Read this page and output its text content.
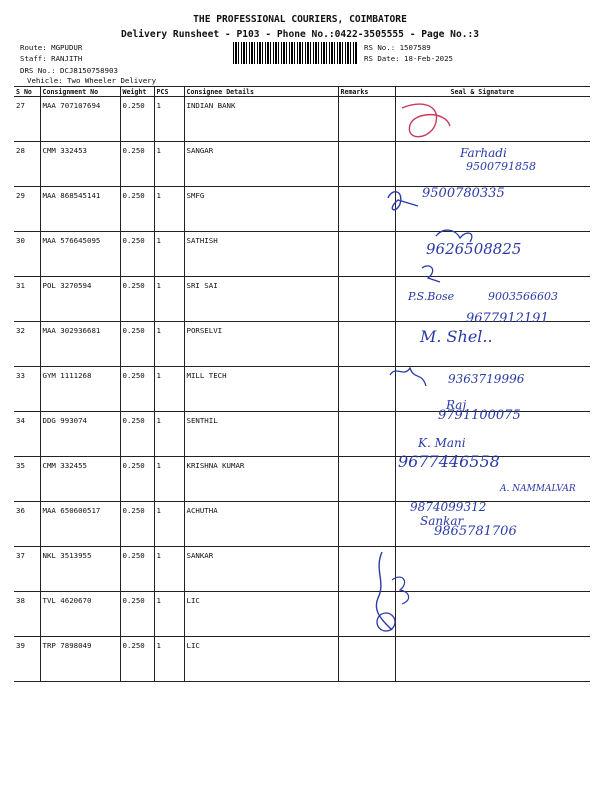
THE PROFESSIONAL COURIERS, COIMBATORE
Delivery Runsheet - P103 - Phone No.:0422-3505555 - Page No.:3
Route: MGPUDUR
Staff: RANJITH
DRS No.: DCJ8150758903
Vehicle: Two Wheeler Delivery
RS No.: 1507589
RS Date: 18-Feb-2025
S No	Consignment No	Weight	PCS	Consignee Details	Remarks	Seal & Signature
27	MAA 707107694	0.250	1	INDIAN BANK		
28	CMM 332453	0.250	1	SANGAR		
29	MAA 868545141	0.250	1	SMFG		
30	MAA 576645095	0.250	1	SATHISH		
31	POL 3270594	0.250	1	SRI SAI		
32	MAA 302936681	0.250	1	PORSELVI		
33	GYM 1111268	0.250	1	MILL TECH		
34	DDG 993074	0.250	1	SENTHIL		
35	CMM 332455	0.250	1	KRISHNA KUMAR		
36	MAA 650600517	0.250	1	ACHUTHA		
37	NKL 3513955	0.250	1	SANKAR		
38	TVL 4620670	0.250	1	LIC		
39	TRP 7898049	0.250	1	LIC		
Farhadi
9500791858
9500780335
9626508825
P.S.Bose	9003566603
9677912191
M. Shel..
9363719996
Raj
9791100075
K. Mani
9677446558
A. NAMMALVAR
9874099312
Sankar
9865781706
